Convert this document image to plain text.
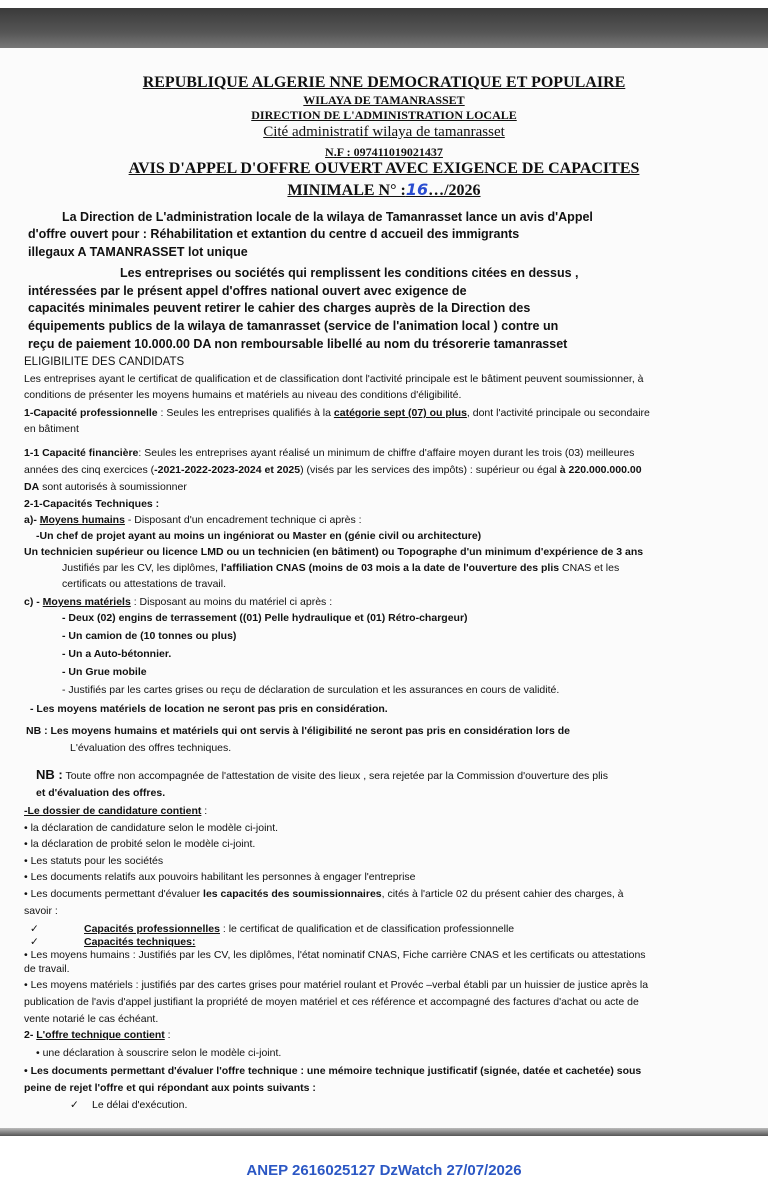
REPUBLIQUE ALGERIE NNE DEMOCRATIQUE ET POPULAIRE
WILAYA DE TAMANRASSET
DIRECTION DE L'ADMINISTRATION LOCALE
Cité administratif wilaya de tamanrasset
N.F : 097411019021437
AVIS D'APPEL D'OFFRE OUVERT AVEC EXIGENCE DE CAPACITES
MINIMALE N° :16…/2026
La Direction de L'administration locale de la wilaya de Tamanrasset lance un avis d'Appel
d'offre ouvert pour : Réhabilitation et extantion du centre d accueil des immigrants
illegaux A TAMANRASSET lot unique
Les entreprises ou sociétés qui remplissent les conditions citées en dessus ,
intéressées par le présent appel d'offres national ouvert avec exigence de
capacités minimales peuvent retirer le cahier des charges auprès de la Direction des
équipements publics de la wilaya de tamanrasset (service de l'animation local ) contre un
reçu de paiement 10.000.00 DA non remboursable libellé au nom du trésorerie tamanrasset
ELIGIBILITE DES CANDIDATS
Les entreprises ayant le certificat de qualification et de classification dont l'activité principale est le bâtiment peuvent soumissionner, à
conditions de présenter les moyens humains et matériels au niveau des conditions d'éligibilité.
1-Capacité professionnelle : Seules les entreprises qualifiés à la catégorie sept (07) ou plus, dont l'activité principale ou secondaire
en bâtiment
1-1 Capacité financière: Seules les entreprises ayant réalisé un minimum de chiffre d'affaire moyen durant les trois (03) meilleures
années des cinq exercices (-2021-2022-2023-2024 et 2025) (visés par les services des impôts) : supérieur ou égal à 220.000.000.00
DA sont autorisés à soumissionner
2-1-Capacités Techniques :
a)- Moyens humains - Disposant d'un encadrement technique ci après :
-Un chef de projet ayant au moins un ingéniorat ou Master en (génie civil ou architecture)
Un technicien supérieur ou licence LMD ou un technicien (en bâtiment) ou Topographe d'un minimum d'expérience de 3 ans
Justifiés par les CV, les diplômes, l'affiliation CNAS (moins de 03 mois a la date de l'ouverture des plis CNAS et les
certificats ou attestations de travail.
c) - Moyens matériels : Disposant au moins du matériel ci après :
- Deux (02) engins de terrassement ((01) Pelle hydraulique et (01) Rétro-chargeur)
- Un camion de (10 tonnes ou plus)
- Un a Auto-bétonnier.
- Un Grue mobile
- Justifiés par les cartes grises ou reçu de déclaration de surculation et les assurances en cours de validité.
- Les moyens matériels de location ne seront pas pris en considération.
NB : Les moyens humains et matériels qui ont servis à l'éligibilité ne seront pas pris en considération lors de
L'évaluation des offres techniques.
NB : Toute offre non accompagnée de l'attestation de visite des lieux , sera rejetée par la Commission d'ouverture des plis
et d'évaluation des offres.
-Le dossier de candidature contient :
• la déclaration de candidature selon le modèle ci-joint.
• la déclaration de probité selon le modèle ci-joint.
• Les statuts pour les sociétés
• Les documents relatifs aux pouvoirs habilitant les personnes à engager l'entreprise
• Les documents permettant d'évaluer les capacités des soumissionnaires, cités à l'article 02 du présent cahier des charges, à
savoir :
✓	Capacités professionnelles : le certificat de qualification et de classification professionnelle
✓	Capacités techniques:
• Les moyens humains : Justifiés par les CV, les diplômes, l'état nominatif CNAS, Fiche carrière CNAS et les certificats ou attestations
de travail.
• Les moyens matériels : justifiés par des cartes grises pour matériel roulant et Provéc –verbal établi par un huissier de justice après la
publication de l'avis d'appel justifiant la propriété de moyen matériel et ces référence et accompagné des factures d'achat ou acte de
vente notarié le cas échéant.
2- L'offre technique contient :
• une déclaration à souscrire selon le modèle ci-joint.
• Les documents permettant d'évaluer l'offre technique : une mémoire technique justificatif (signée, datée et cachetée) sous
peine de rejet l'offre et qui répondant aux points suivants :
✓ Le délai d'exécution.
ANEP 2616025127 DzWatch 27/07/2026
